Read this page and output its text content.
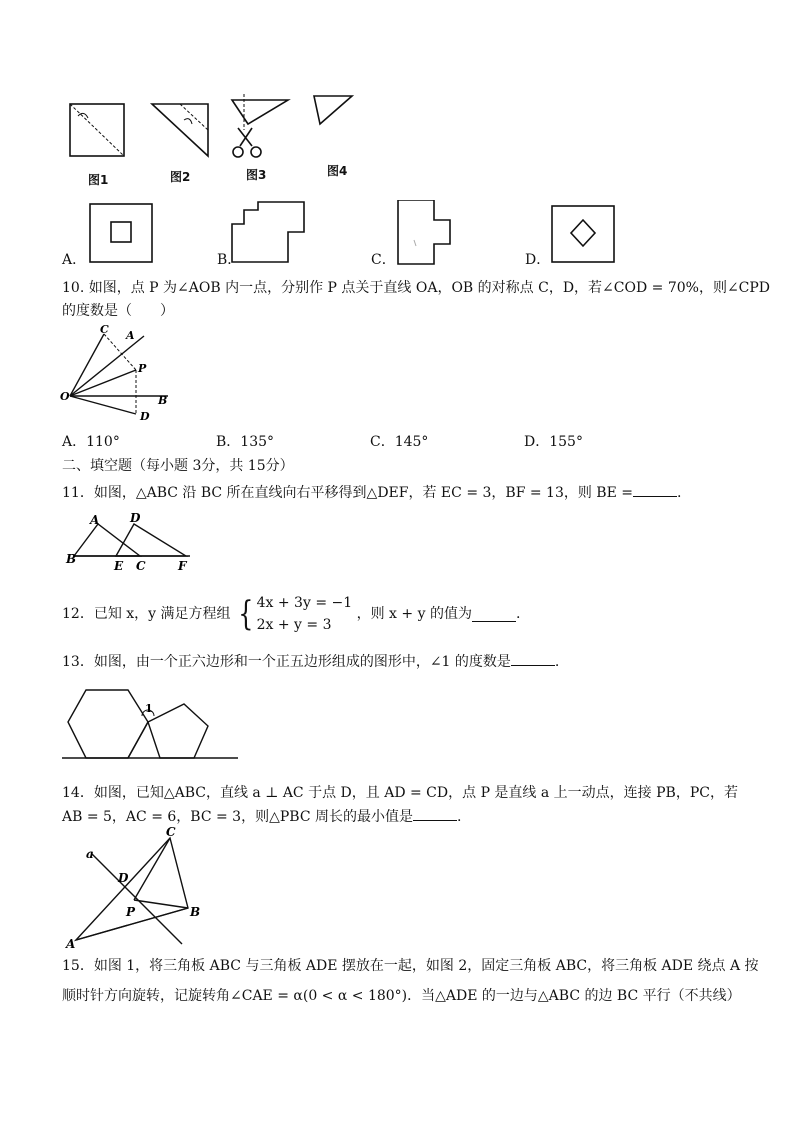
图1	图2	图3	图4
A．	B．	C．	D．
10. 如图，点 P 为∠AOB 内一点，分别作 P 点关于直线 OA，OB 的对称点 C，D，若∠COD = 70%，则∠CPD
的度数是（　　）
C A
P
O	B
D
A．110°	B．135°	C．145°	D．155°
二、填空题（每小题 3分，共 15分）
11．如图，△ABC 沿 BC 所在直线向右平移得到△DEF，若 EC = 3，BF = 13，则 BE =	.
A	D
B	E C	F
12．已知 x，y 满足方程组 { 4x + 3y = −1
2x + y = 3
，则 x + y 的值为	.
13．如图，由一个正六边形和一个正五边形组成的图形中，∠1 的度数是	.
1
14．如图，已知△ABC，直线 a ⊥ AC 于点 D，且 AD = CD，点 P 是直线 a 上一动点，连接 PB，PC，若
AB = 5，AC = 6，BC = 3，则△PBC 周长的最小值是	.
C
a
D
P	B
A
15．如图 1，将三角板 ABC 与三角板 ADE 摆放在一起，如图 2，固定三角板 ABC，将三角板 ADE 绕点 A 按
顺时针方向旋转，记旋转角∠CAE = α(0 < α < 180°)．当△ADE 的一边与△ABC 的边 BC 平行（不共线）
